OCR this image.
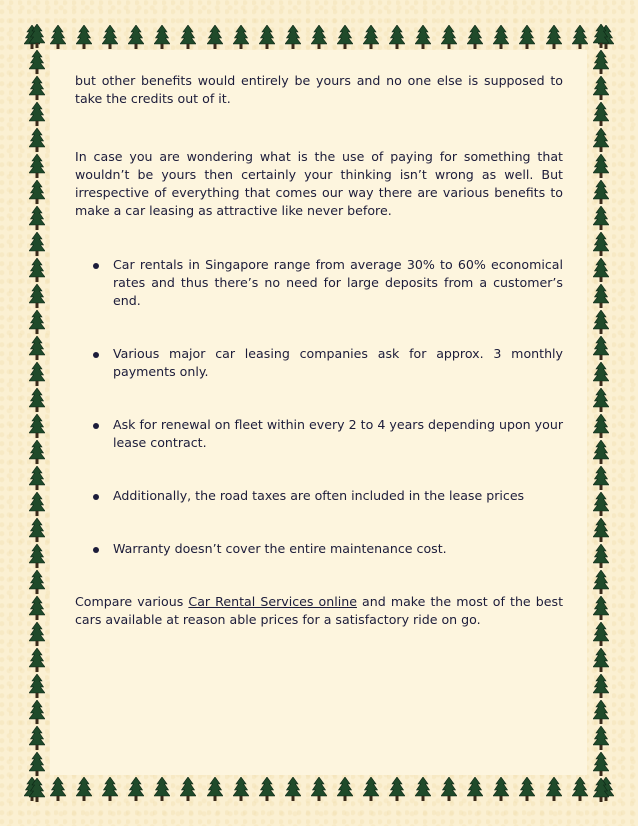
but other benefits would entirely be yours and no one else is supposed to take the credits out of it.

In case you are wondering what is the use of paying for something that wouldn’t be yours then certainly your thinking isn’t wrong as well. But irrespective of everything that comes our way there are various benefits to make a car leasing as attractive like never before.

Car rentals in Singapore range from average 30% to 60% economical rates and thus there’s no need for large deposits from a customer’s end.
Various major car leasing companies ask for approx. 3 monthly payments only.
Ask for renewal on fleet within every 2 to 4 years depending upon your lease contract.
Additionally, the road taxes are often included in the lease prices
Warranty doesn’t cover the entire maintenance cost.

Compare various Car Rental Services online and make the most of the best cars available at reason able prices for a satisfactory ride on go.
